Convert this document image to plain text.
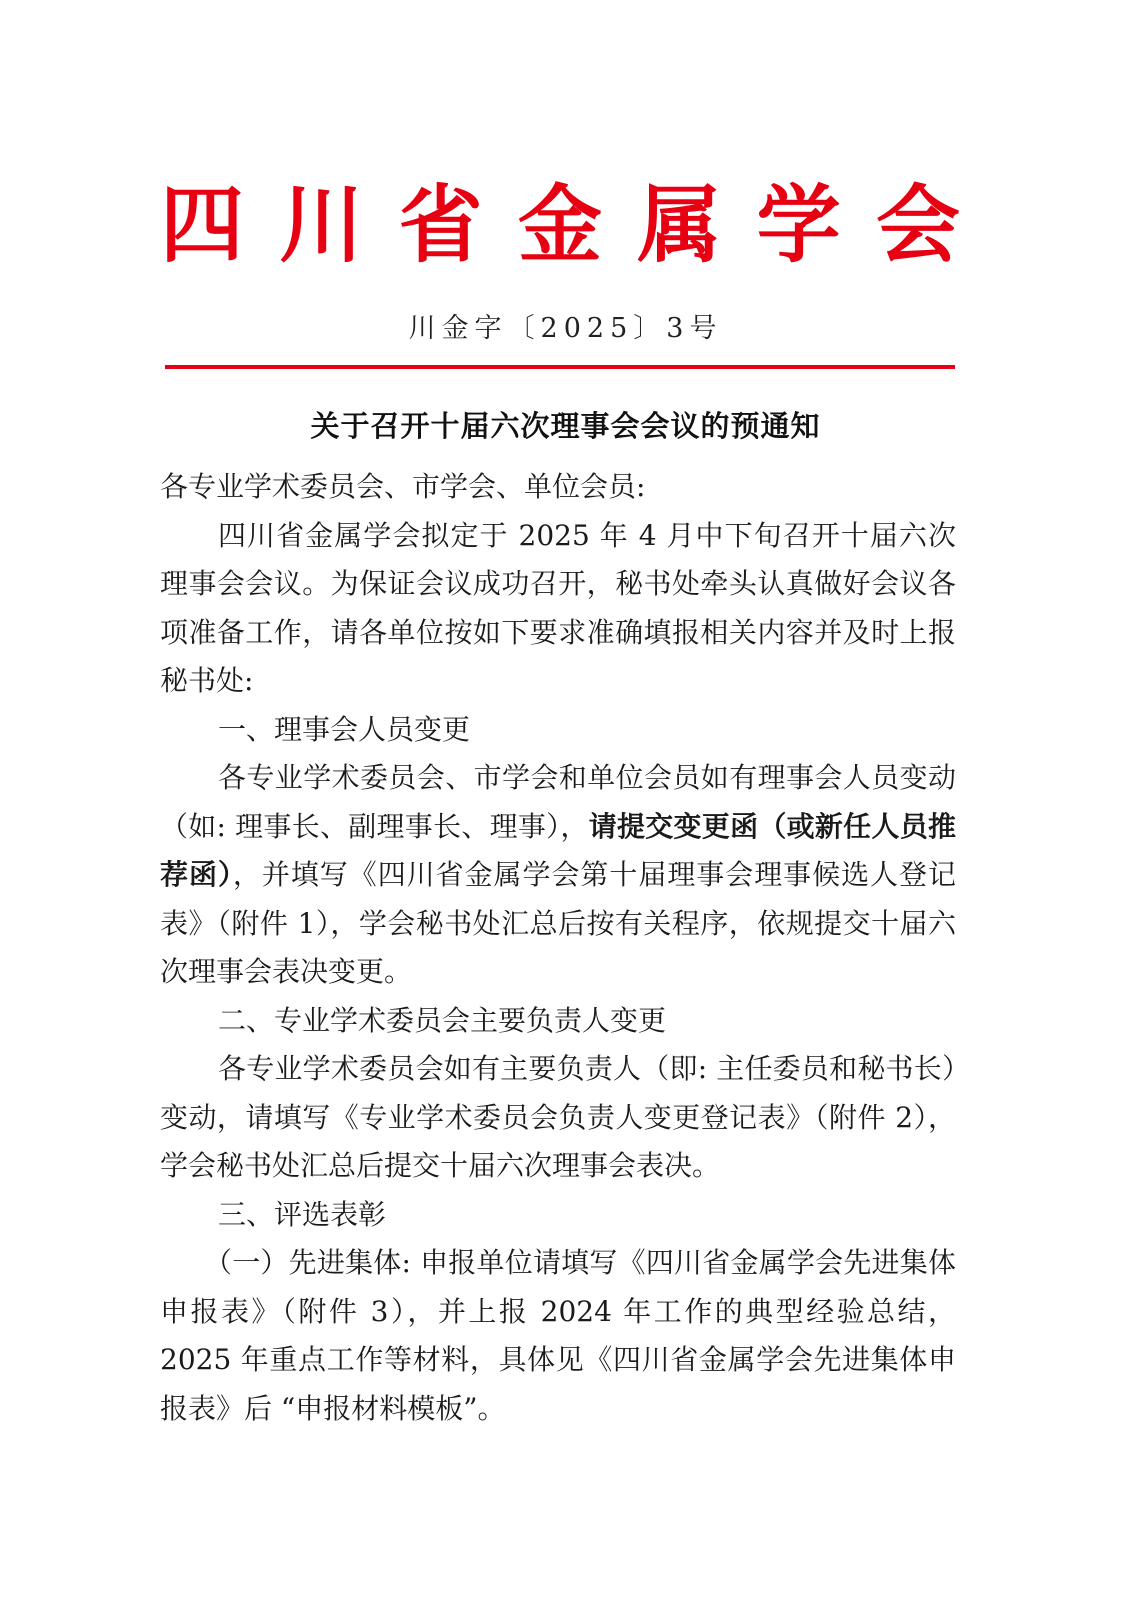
四 川 省 金 属 学 会
川金字〔2025〕3号
关于召开十届六次理事会会议的预通知

各专业学术委员会、市学会、单位会员:

四川省金属学会拟定于 2025 年 4 月中下旬召开十届六次理事会会议。为保证会议成功召开，秘书处牵头认真做好会议各项准备工作，请各单位按如下要求准确填报相关内容并及时上报秘书处:

一、理事会人员变更

各专业学术委员会、市学会和单位会员如有理事会人员变动（如: 理事长、副理事长、理事），请提交变更函（或新任人员推荐函），并填写《四川省金属学会第十届理事会理事候选人登记表》（附件 1），学会秘书处汇总后按有关程序，依规提交十届六次理事会表决变更。

二、专业学术委员会主要负责人变更

各专业学术委员会如有主要负责人（即: 主任委员和秘书长）变动，请填写《专业学术委员会负责人变更登记表》（附件 2），学会秘书处汇总后提交十届六次理事会表决。

三、评选表彰

（一）先进集体: 申报单位请填写《四川省金属学会先进集体申报表》（附件 3），并上报 2024 年工作的典型经验总结，2025 年重点工作等材料，具体见《四川省金属学会先进集体申报表》后 “申报材料模板”。
